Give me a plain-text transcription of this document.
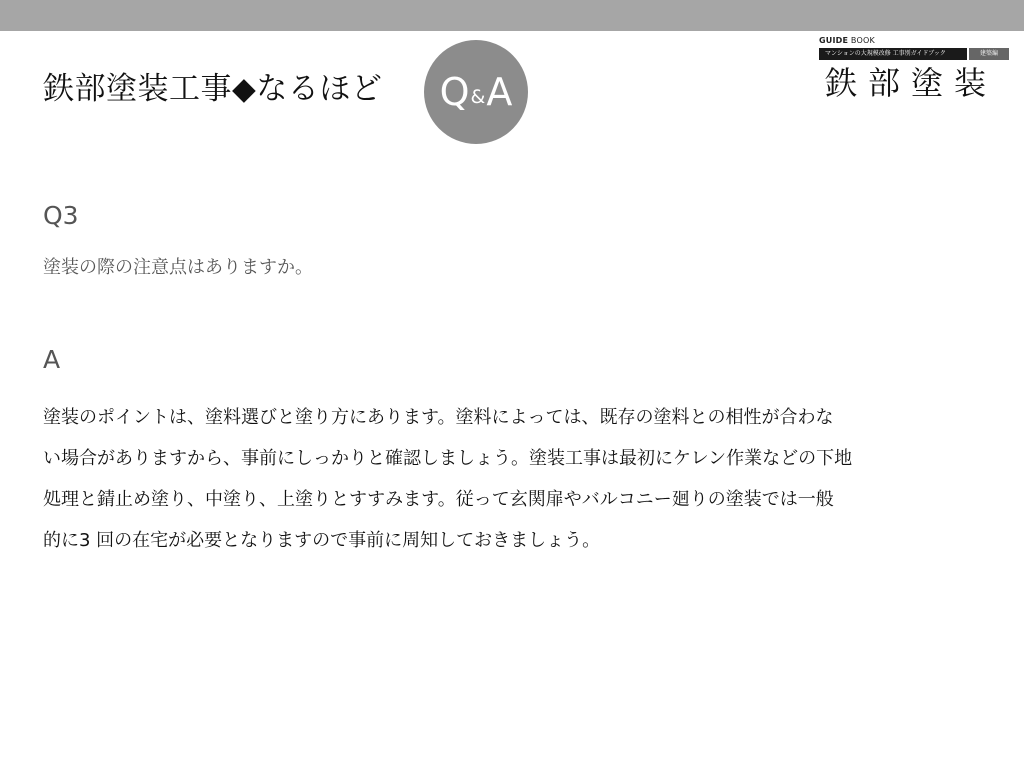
鉄部塗装工事◆なるほど Q & A
GUIDE BOOK
マンションの大規模改修 工事別ガイドブック	建築編
鉄部塗装
Q3
塗装の際の注意点はありますか。
A
塗装のポイントは、塗料選びと塗り方にあります。塗料によっては、既存の塗料との相性が合わな
い場合がありますから、事前にしっかりと確認しましょう。塗装工事は最初にケレン作業などの下地
処理と錆止め塗り、中塗り、上塗りとすすみます。従って玄関扉やバルコニー廻りの塗装では一般
的に3 回の在宅が必要となりますので事前に周知しておきましょう。
